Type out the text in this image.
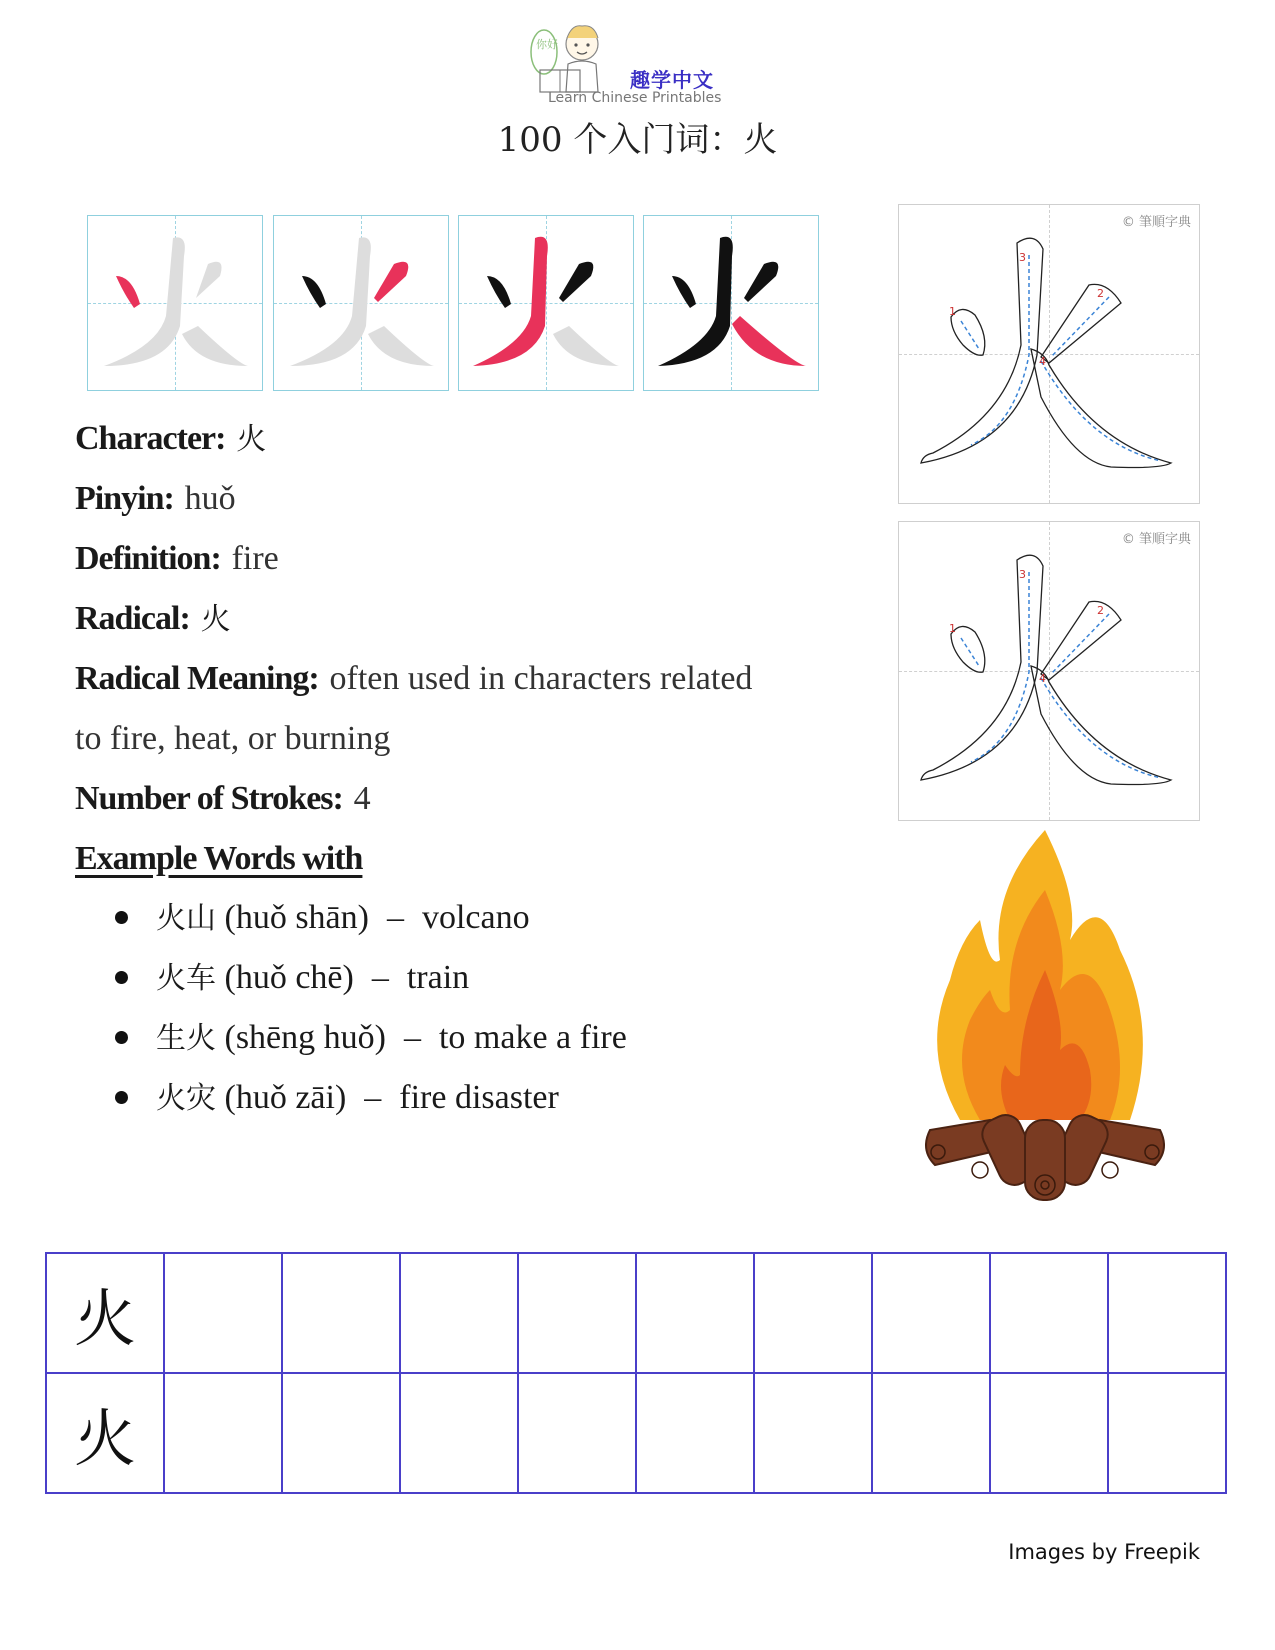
你好
趣学中文
Learn Chinese Printables
100 个入门词：火
Character: 火
Pinyin: huǒ
Definition: fire
Radical: 火
Radical Meaning: often used in characters related
to fire, heat, or burning
Number of Strokes: 4
Example Words with
火山 (huǒ shān) – volcano
火车 (huǒ chē) – train
生火 (shēng huǒ) – to make a fire
火灾 (huǒ zāi) – fire disaster
© 筆順字典
1
2
3
4
© 筆順字典
1
2
3
4
火									
火									
Images by Freepik
